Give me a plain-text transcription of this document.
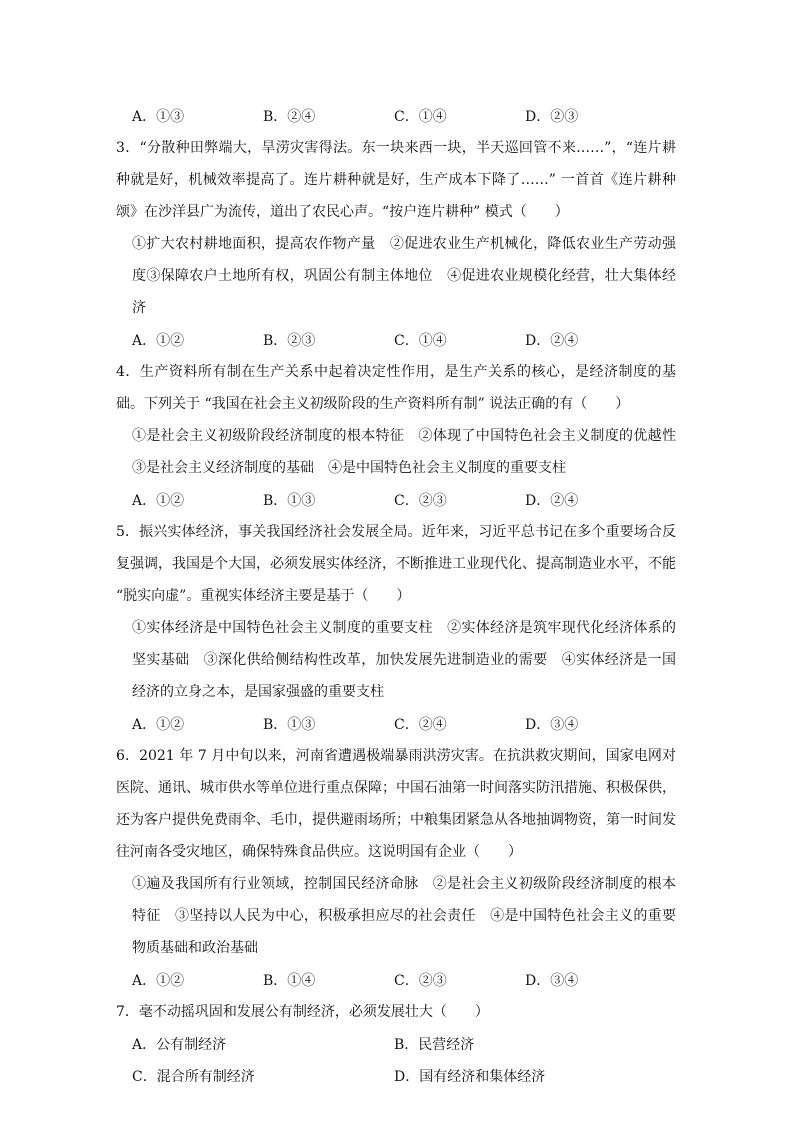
A．①③	B．②④	C．①④	D．②③
3．“分散种田弊端大，旱涝灾害得法。东一块来西一块，半天巡回管不来……”，“连片耕种就是好，机械效率提高了。连片耕种就是好，生产成本下降了……” 一首首《连片耕种颂》在沙洋县广为流传，道出了农民心声。“按户连片耕种” 模式（　　）
①扩大农村耕地面积，提高农作物产量　②促进农业生产机械化，降低农业生产劳动强度③保障农户土地所有权，巩固公有制主体地位　④促进农业规模化经营，壮大集体经济
A．①②	B．②③	C．①④	D．②④
4．生产资料所有制在生产关系中起着决定性作用，是生产关系的核心，是经济制度的基础。下列关于 “我国在社会主义初级阶段的生产资料所有制” 说法正确的有（　　）
①是社会主义初级阶段经济制度的根本特征　②体现了中国特色社会主义制度的优越性③是社会主义经济制度的基础　④是中国特色社会主义制度的重要支柱
A．①②	B．①③	C．②③	D．②④
5．振兴实体经济，事关我国经济社会发展全局。近年来，习近平总书记在多个重要场合反复强调，我国是个大国，必须发展实体经济，不断推进工业现代化、提高制造业水平，不能 “脱实向虚”。重视实体经济主要是基于（　　）
①实体经济是中国特色社会主义制度的重要支柱　②实体经济是筑牢现代化经济体系的坚实基础　③深化供给侧结构性改革，加快发展先进制造业的需要　④实体经济是一国经济的立身之本，是国家强盛的重要支柱
A．①②	B．①③	C．②④	D．③④
6．2021 年 7 月中旬以来，河南省遭遇极端暴雨洪涝灾害。在抗洪救灾期间，国家电网对医院、通讯、城市供水等单位进行重点保障；中国石油第一时间落实防汛措施、积极保供，还为客户提供免费雨伞、毛巾，提供避雨场所；中粮集团紧急从各地抽调物资，第一时间发往河南各受灾地区，确保特殊食品供应。这说明国有企业（　　）
①遍及我国所有行业领域，控制国民经济命脉　②是社会主义初级阶段经济制度的根本特征　③坚持以人民为中心，积极承担应尽的社会责任　④是中国特色社会主义的重要物质基础和政治基础
A．①②	B．①④	C．②③	D．③④
7．毫不动摇巩固和发展公有制经济，必须发展壮大（　　）
A．公有制经济	B．民营经济
C．混合所有制经济	D．国有经济和集体经济
